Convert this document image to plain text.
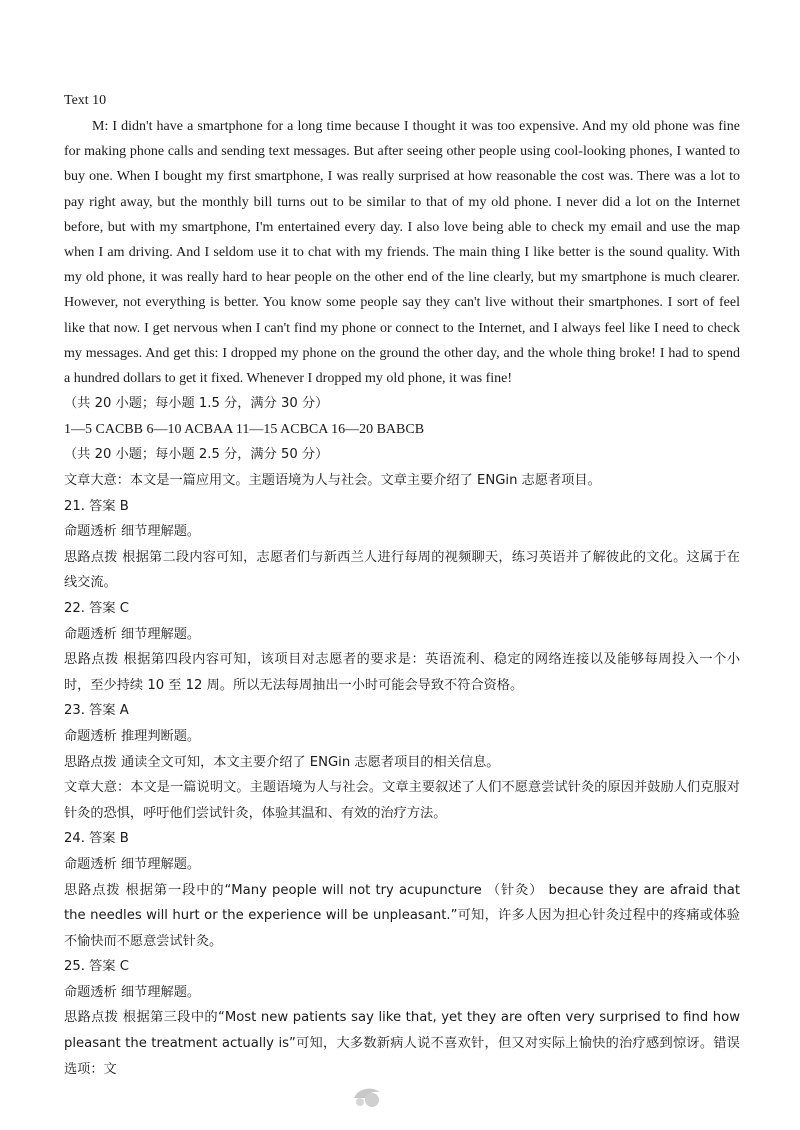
Text 10

M: I didn't have a smartphone for a long time because I thought it was too expensive. And my old phone was fine for making phone calls and sending text messages. But after seeing other people using cool-looking phones, I wanted to buy one. When I bought my first smartphone, I was really surprised at how reasonable the cost was. There was a lot to pay right away, but the monthly bill turns out to be similar to that of my old phone. I never did a lot on the Internet before, but with my smartphone, I'm entertained every day. I also love being able to check my email and use the map when I am driving. And I seldom use it to chat with my friends. The main thing I like better is the sound quality. With my old phone, it was really hard to hear people on the other end of the line clearly, but my smartphone is much clearer. However, not everything is better. You know some people say they can't live without their smartphones. I sort of feel like that now. I get nervous when I can't find my phone or connect to the Internet, and I always feel like I need to check my messages. And get this: I dropped my phone on the ground the other day, and the whole thing broke! I had to spend a hundred dollars to get it fixed. Whenever I dropped my old phone, it was fine!

（共 20 小题；每小题 1.5 分，满分 30 分）

1—5 CACBB 6—10 ACBAA 11—15 ACBCA 16—20 BABCB

（共 20 小题；每小题 2.5 分，满分 50 分）

文章大意：本文是一篇应用文。主题语境为人与社会。文章主要介绍了 ENGin 志愿者项目。

21. 答案 B

命题透析 细节理解题。

思路点拨 根据第二段内容可知，志愿者们与新西兰人进行每周的视频聊天，练习英语并了解彼此的文化。这属于在线交流。

22. 答案 C

命题透析 细节理解题。

思路点拨 根据第四段内容可知，该项目对志愿者的要求是：英语流利、稳定的网络连接以及能够每周投入一个小时，至少持续 10 至 12 周。所以无法每周抽出一小时可能会导致不符合资格。

23. 答案 A

命题透析 推理判断题。

思路点拨 通读全文可知，本文主要介绍了 ENGin 志愿者项目的相关信息。

文章大意：本文是一篇说明文。主题语境为人与社会。文章主要叙述了人们不愿意尝试针灸的原因并鼓励人们克服对针灸的恐惧，呼吁他们尝试针灸，体验其温和、有效的治疗方法。

24. 答案 B

命题透析 细节理解题。

思路点拨 根据第一段中的“Many people will not try acupuncture （针灸） because they are afraid that the needles will hurt or the experience will be unpleasant.”可知，许多人因为担心针灸过程中的疼痛或体验不愉快而不愿意尝试针灸。

25. 答案 C

命题透析 细节理解题。

思路点拨 根据第三段中的“Most new patients say like that, yet they are often very surprised to find how pleasant the treatment actually is”可知，大多数新病人说不喜欢针，但又对实际上愉快的治疗感到惊讶。错误选项：文
